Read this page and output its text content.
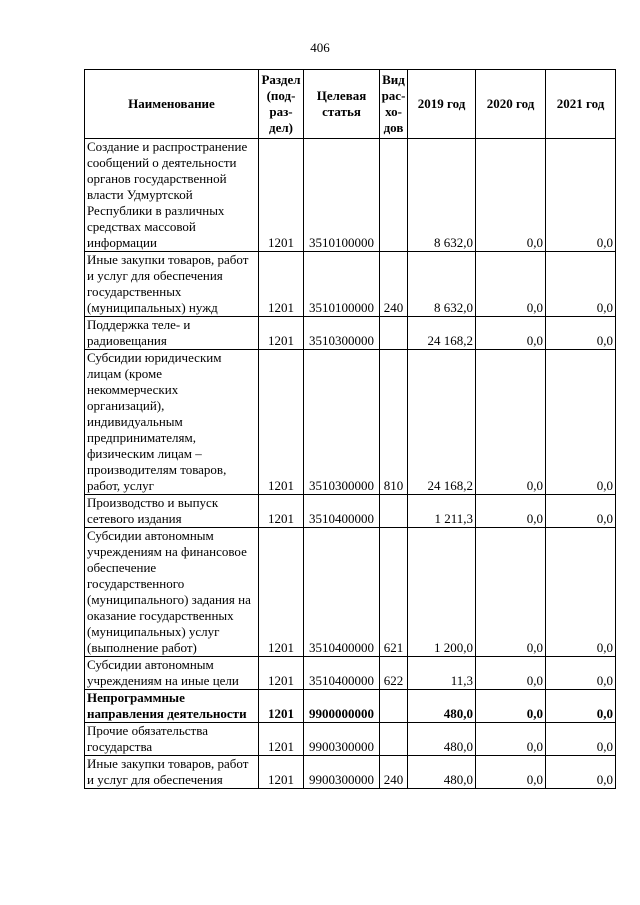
406
Наименование	Раздел (под-раз-дел)	Целевая статья	Вид рас-хо-дов	2019 год	2020 год	2021 год
Создание и распространение сообщений о деятельности органов государственной власти Удмуртской Республики в различных средствах массовой информации	1201	3510100000		8 632,0	0,0	0,0
Иные закупки товаров, работ и услуг для обеспечения государственных (муниципальных) нужд	1201	3510100000	240	8 632,0	0,0	0,0
Поддержка теле- и радиовещания	1201	3510300000		24 168,2	0,0	0,0
Субсидии юридическим лицам (кроме некоммерческих организаций), индивидуальным предпринимателям, физическим лицам – производителям товаров, работ, услуг	1201	3510300000	810	24 168,2	0,0	0,0
Производство и выпуск сетевого издания	1201	3510400000		1 211,3	0,0	0,0
Субсидии автономным учреждениям на финансовое обеспечение государственного (муниципального) задания на оказание государственных (муниципальных) услуг (выполнение работ)	1201	3510400000	621	1 200,0	0,0	0,0
Субсидии автономным учреждениям на иные цели	1201	3510400000	622	11,3	0,0	0,0
Непрограммные направления деятельности	1201	9900000000		480,0	0,0	0,0
Прочие обязательства государства	1201	9900300000		480,0	0,0	0,0
Иные закупки товаров, работ и услуг для обеспечения	1201	9900300000	240	480,0	0,0	0,0
